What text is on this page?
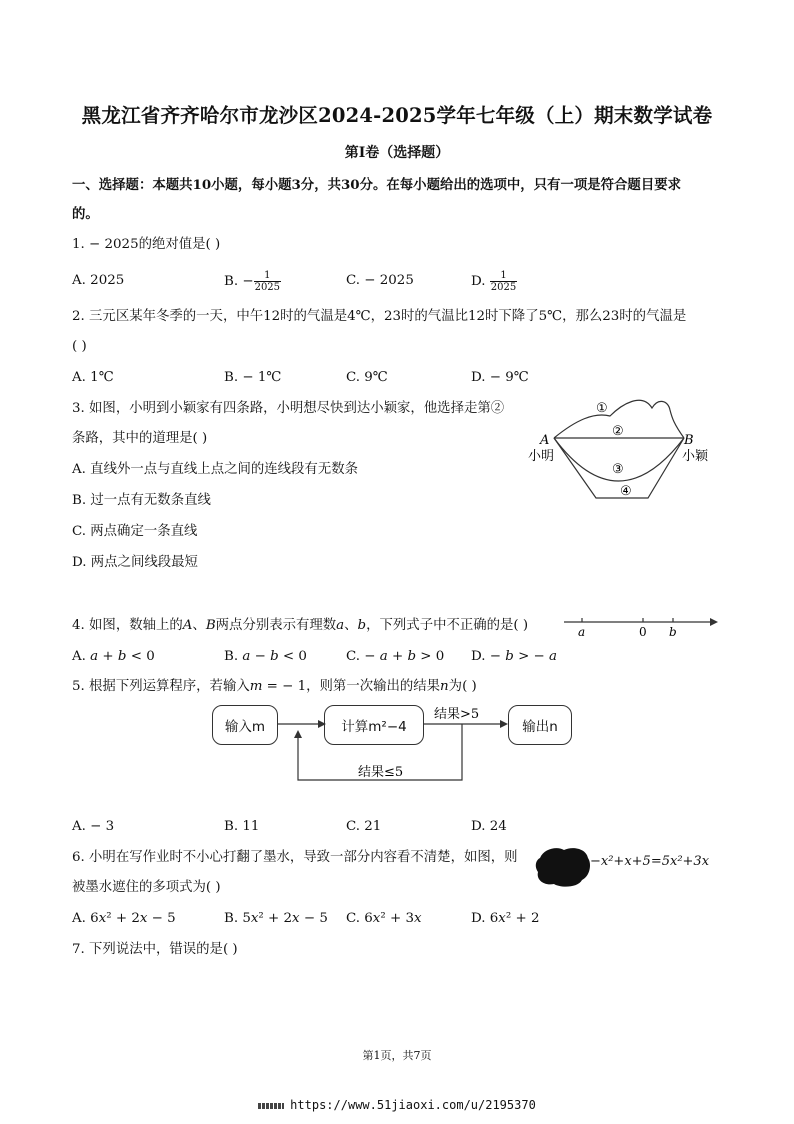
黑龙江省齐齐哈尔市龙沙区2024-2025学年七年级（上）期末数学试卷
第I卷（选择题）
一、选择题：本题共10小题，每小题3分，共30分。在每小题给出的选项中，只有一项是符合题目要求
的。
1. − 2025的绝对值是( )
A. 2025	B. − $\frac{1}{2025}$	C. − 2025	D. $\frac{1}{2025}$
2. 三元区某年冬季的一天，中午12时的气温是4℃，23时的气温比12时下降了5℃，那么23时的气温是
( )
A. 1℃	B. − 1℃	C. 9℃	D. − 9℃
3. 如图，小明到小颖家有四条路，小明想尽快到达小颖家，他选择走第②
条路，其中的道理是( )
A. 直线外一点与直线上点之间的连线段有无数条
B. 过一点有无数条直线
C. 两点确定一条直线
D. 两点之间线段最短
A	B
小明	小颖
①
②
③
④
4. 如图，数轴上的𝐴、𝐵两点分别表示有理数𝑎、𝑏，下列式子中不正确的是( )	a	0 b
A. 𝑎 + 𝑏 < 0	B. 𝑎 − 𝑏 < 0	C. − 𝑎 + 𝑏 > 0 D. − 𝑏 > − 𝑎
5. 根据下列运算程序，若输入𝑚 = − 1，则第一次输出的结果𝑛为( )
输入m	计算m²−4	输出n
结果>5
结果≤5
A. − 3	B. 11	C. 21	D. 24
6. 小明在写作业时不小心打翻了墨水，导致一部分内容看不清楚，如图，则
被墨水遮住的多项式为( )
−x²+x+5=5x²+3x
A. 6𝑥² + 2𝑥 − 5	B. 5𝑥² + 2𝑥 − 5 C. 6𝑥² + 3𝑥	D. 6𝑥² + 2
7. 下列说法中，错误的是( )
第1页，共7页
https://www.51jiaoxi.com/u/2195370
